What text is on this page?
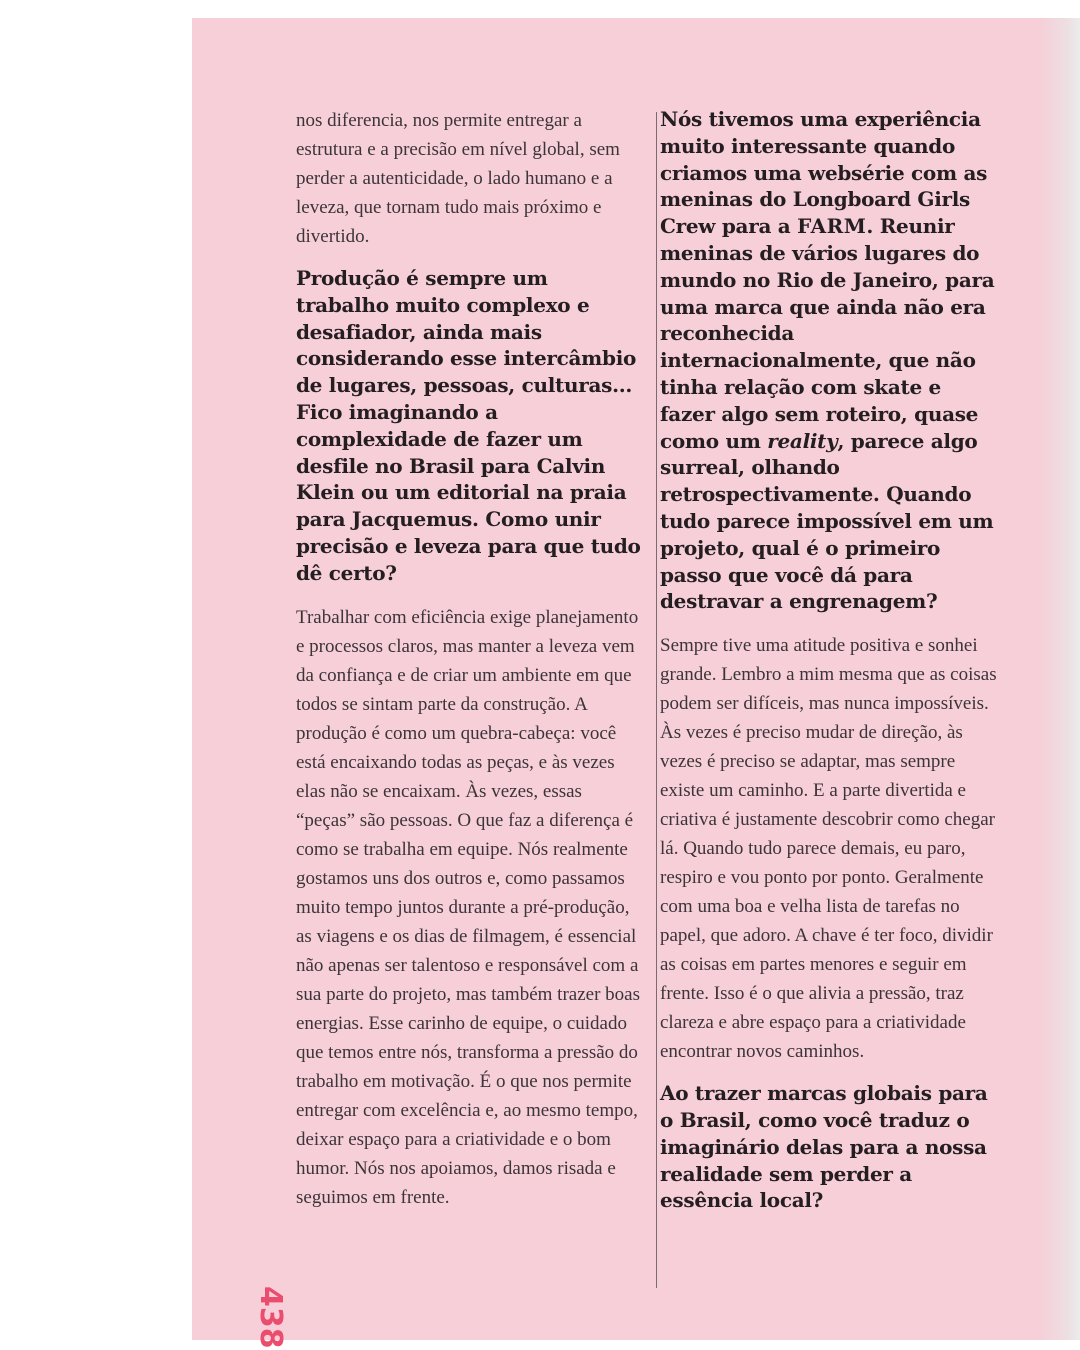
nos diferencia, nos permite entregar a estrutura e a precisão em nível global, sem perder a autenticidade, o lado humano e a leveza, que tornam tudo mais próximo e divertido.

Produção é sempre um trabalho muito complexo e desafiador, ainda mais considerando esse intercâmbio de lugares, pessoas, culturas... Fico imaginando a complexidade de fazer um desfile no Brasil para Calvin Klein ou um editorial na praia para Jacquemus. Como unir precisão e leveza para que tudo dê certo?

Trabalhar com eficiência exige planejamento e processos claros, mas manter a leveza vem da confiança e de criar um ambiente em que todos se sintam parte da construção. A produção é como um quebra-cabeça: você está encaixando todas as peças, e às vezes elas não se encaixam. Às vezes, essas “peças” são pessoas. O que faz a diferença é como se trabalha em equipe. Nós realmente gostamos uns dos outros e, como passamos muito tempo juntos durante a pré-produção, as viagens e os dias de filmagem, é essencial não apenas ser talentoso e responsável com a sua parte do projeto, mas também trazer boas energias. Esse carinho de equipe, o cuidado que temos entre nós, transforma a pressão do trabalho em motivação. É o que nos permite entregar com excelência e, ao mesmo tempo, deixar espaço para a criatividade e o bom humor. Nós nos apoiamos, damos risada e seguimos em frente.

Nós tivemos uma experiência muito interessante quando criamos uma websérie com as meninas do Longboard Girls Crew para a FARM. Reunir meninas de vários lugares do mundo no Rio de Janeiro, para uma marca que ainda não era reconhecida internacionalmente, que não tinha relação com skate e fazer algo sem roteiro, quase como um reality, parece algo surreal, olhando retrospectivamente. Quando tudo parece impossível em um projeto, qual é o primeiro passo que você dá para destravar a engrenagem?

Sempre tive uma atitude positiva e sonhei grande. Lembro a mim mesma que as coisas podem ser difíceis, mas nunca impossíveis. Às vezes é preciso mudar de direção, às vezes é preciso se adaptar, mas sempre existe um caminho. E a parte divertida e criativa é justamente descobrir como chegar lá. Quando tudo parece demais, eu paro, respiro e vou ponto por ponto. Geralmente com uma boa e velha lista de tarefas no papel, que adoro. A chave é ter foco, dividir as coisas em partes menores e seguir em frente. Isso é o que alivia a pressão, traz clareza e abre espaço para a criatividade encontrar novos caminhos.

Ao trazer marcas globais para o Brasil, como você traduz o imaginário delas para a nossa realidade sem perder a essência local?

438
